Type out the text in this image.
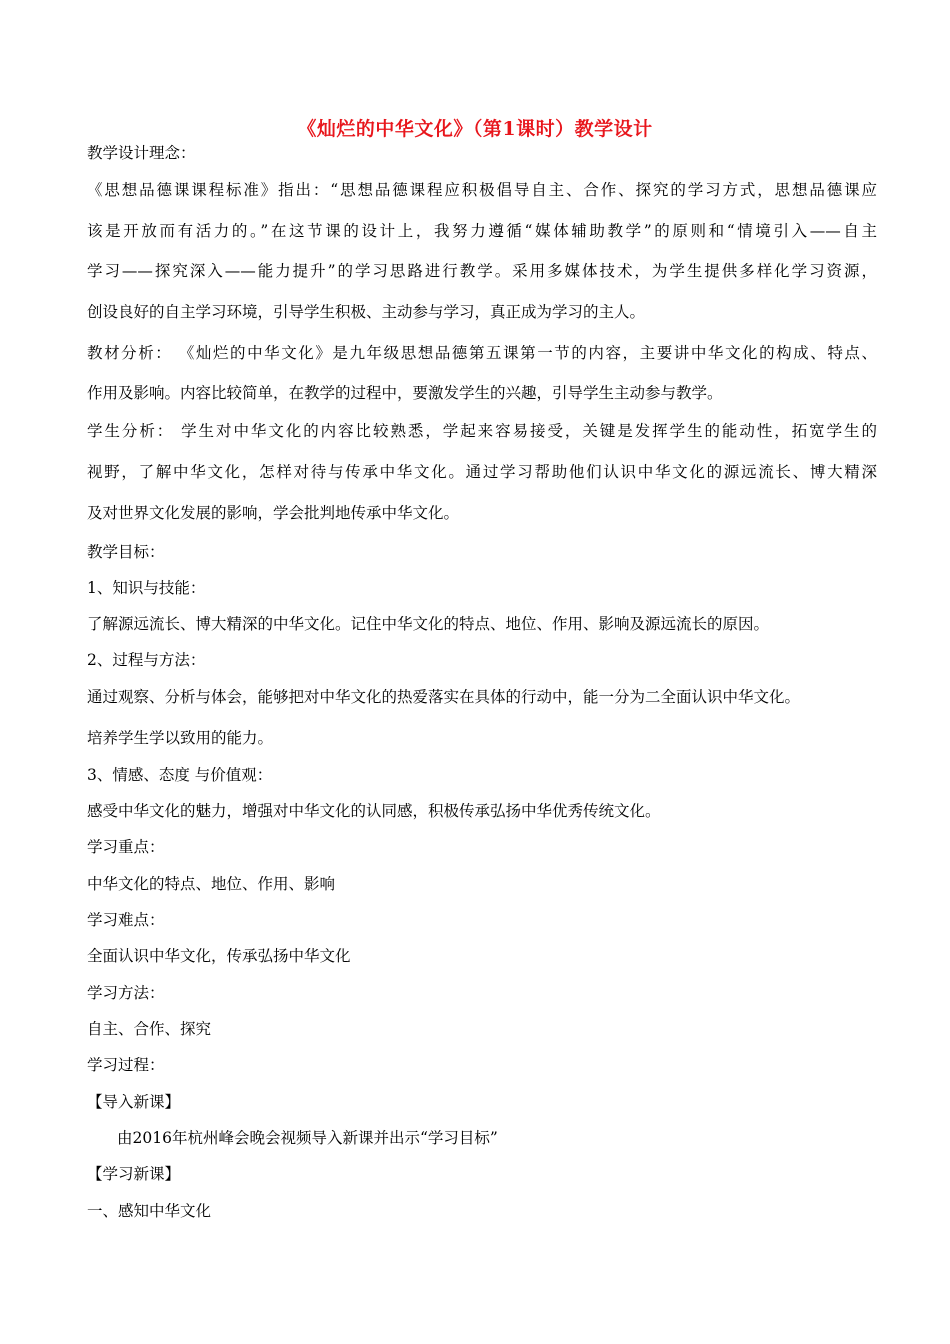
《灿烂的中华文化》（第1课时）教学设计
教学设计理念：
《思想品德课课程标准》指出：“思想品德课程应积极倡导自主、合作、探究的学习方式，思想品德课应
该是开放而有活力的。”在这节课的设计上，我努力遵循“媒体辅助教学”的原则和“情境引入——自主
学习——探究深入——能力提升”的学习思路进行教学。采用多媒体技术，为学生提供多样化学习资源，
创设良好的自主学习环境，引导学生积极、主动参与学习，真正成为学习的主人。
教材分析： 《灿烂的中华文化》是九年级思想品德第五课第一节的内容，主要讲中华文化的构成、特点、
作用及影响。内容比较简单，在教学的过程中，要激发学生的兴趣，引导学生主动参与教学。
学生分析： 学生对中华文化的内容比较熟悉，学起来容易接受，关键是发挥学生的能动性，拓宽学生的
视野，了解中华文化，怎样对待与传承中华文化。通过学习帮助他们认识中华文化的源远流长、博大精深
及对世界文化发展的影响，学会批判地传承中华文化。
教学目标：
1、知识与技能：
了解源远流长、博大精深的中华文化。记住中华文化的特点、地位、作用、影响及源远流长的原因。
2、过程与方法：
通过观察、分析与体会，能够把对中华文化的热爱落实在具体的行动中，能一分为二全面认识中华文化。
培养学生学以致用的能力。
3、情感、态度 与价值观：
感受中华文化的魅力，增强对中华文化的认同感，积极传承弘扬中华优秀传统文化。
学习重点：
中华文化的特点、地位、作用、影响
学习难点：
全面认识中华文化，传承弘扬中华文化
学习方法：
自主、合作、探究
学习过程：
【导入新课】
由2016年杭州峰会晚会视频导入新课并出示“学习目标”
【学习新课】
一、感知中华文化
